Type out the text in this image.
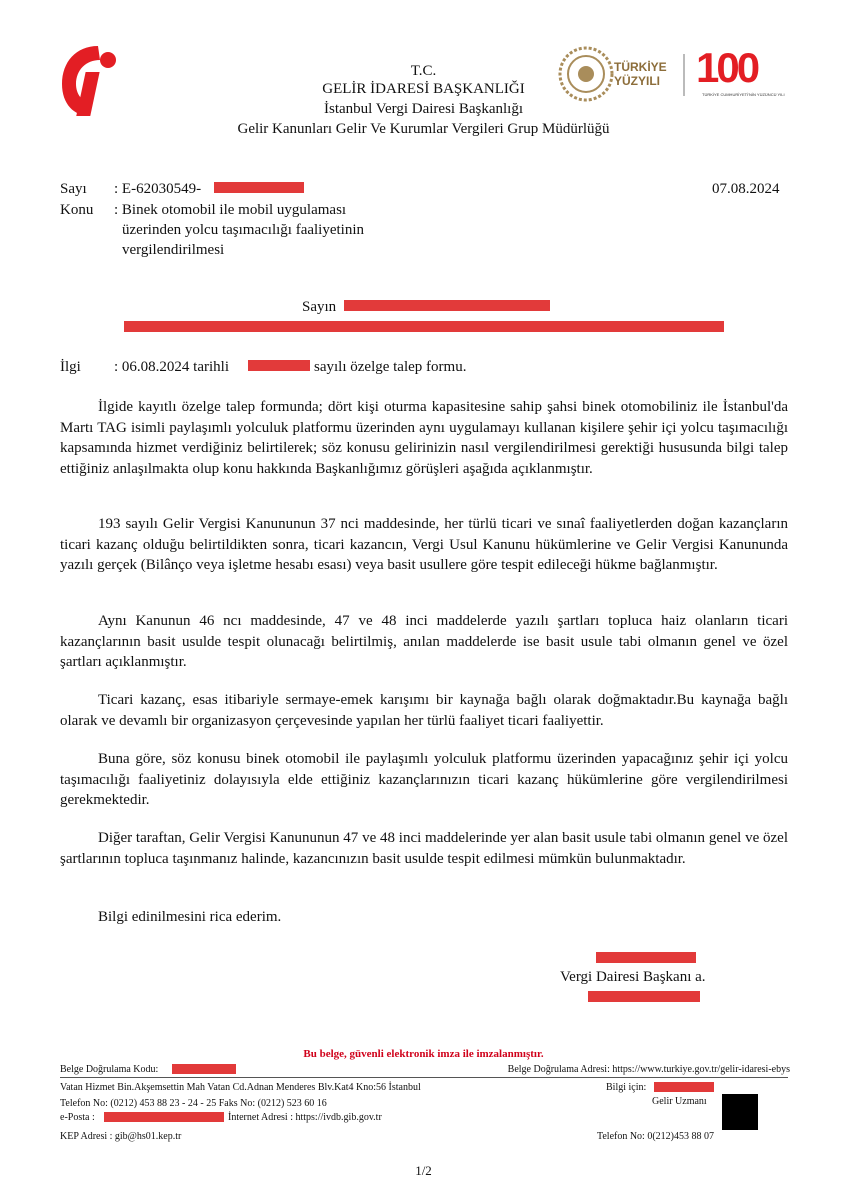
TÜRKİYE YÜZYILI 100
TÜRKİYE CUMHURİYETİ'NİN YÜZÜNCÜ YILI
T.C.
GELİR İDARESİ BAŞKANLIĞI
İstanbul Vergi Dairesi Başkanlığı
Gelir Kanunları Gelir Ve Kurumlar Vergileri Grup Müdürlüğü
Sayı : E-62030549-	07.08.2024
Konu : Binek otomobil ile mobil uygulaması
üzerinden yolcu taşımacılığı faaliyetinin
vergilendirilmesi
Sayın
İlgi : 06.08.2024 tarihli	sayılı özelge talep formu.
İlgide kayıtlı özelge talep formunda; dört kişi oturma kapasitesine sahip şahsi binek otomobiliniz ile İstanbul'da Martı TAG isimli paylaşımlı yolculuk platformu üzerinden aynı uygulamayı kullanan kişilere şehir içi yolcu taşımacılığı kapsamında hizmet verdiğiniz belirtilerek; söz konusu gelirinizin nasıl vergilendirilmesi gerektiği hususunda bilgi talep ettiğiniz anlaşılmakta olup konu hakkında Başkanlığımız görüşleri aşağıda açıklanmıştır.
193 sayılı Gelir Vergisi Kanununun 37 nci maddesinde, her türlü ticari ve sınaî faaliyetlerden doğan kazançların ticari kazanç olduğu belirtildikten sonra, ticari kazancın, Vergi Usul Kanunu hükümlerine ve Gelir Vergisi Kanununda yazılı gerçek (Bilânço veya işletme hesabı esası) veya basit usullere göre tespit edileceği hükme bağlanmıştır.
Aynı Kanunun 46 ncı maddesinde, 47 ve 48 inci maddelerde yazılı şartları topluca haiz olanların ticari kazançlarının basit usulde tespit olunacağı belirtilmiş, anılan maddelerde ise basit usule tabi olmanın genel ve özel şartları açıklanmıştır.
Ticari kazanç, esas itibariyle sermaye-emek karışımı bir kaynağa bağlı olarak doğmaktadır.Bu kaynağa bağlı olarak ve devamlı bir organizasyon çerçevesinde yapılan her türlü faaliyet ticari faaliyettir.
Buna göre, söz konusu binek otomobil ile paylaşımlı yolculuk platformu üzerinden yapacağınız şehir içi yolcu taşımacılığı faaliyetiniz dolayısıyla elde ettiğiniz kazançlarınızın ticari kazanç hükümlerine göre vergilendirilmesi gerekmektedir.
Diğer taraftan, Gelir Vergisi Kanununun 47 ve 48 inci maddelerinde yer alan basit usule tabi olmanın genel ve özel şartlarının topluca taşınmanız halinde, kazancınızın basit usulde tespit edilmesi mümkün bulunmaktadır.
Bilgi edinilmesini rica ederim.
Vergi Dairesi Başkanı a.
Bu belge, güvenli elektronik imza ile imzalanmıştır.
Belge Doğrulama Kodu:	Belge Doğrulama Adresi: https://www.turkiye.gov.tr/gelir-idaresi-ebys
Vatan Hizmet Bin.Akşemsettin Mah Vatan Cd.Adnan Menderes Blv.Kat4 Kno:56 İstanbul	Bilgi için:
Telefon No: (0212) 453 88 23 - 24 - 25 Faks No: (0212) 523 60 16	Gelir Uzmanı
e-Posta :	İnternet Adresi : https://ivdb.gib.gov.tr
KEP Adresi : gib@hs01.kep.tr	Telefon No: 0(212)453 88 07
1/2
